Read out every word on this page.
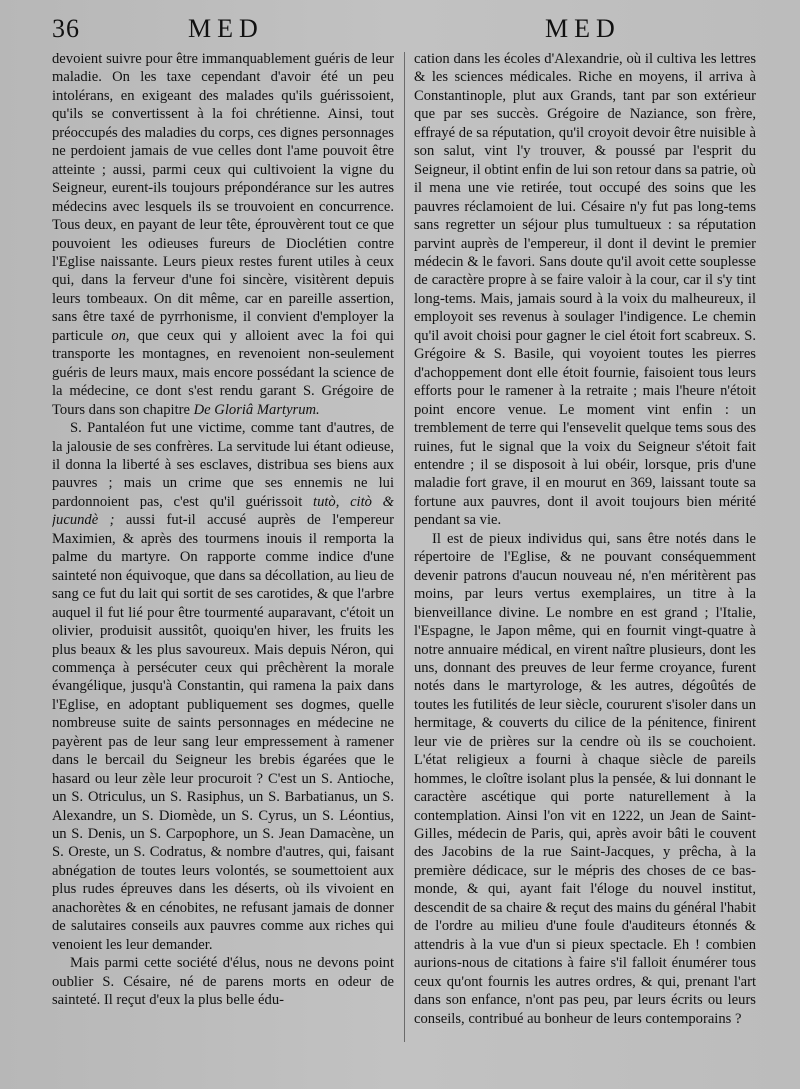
36	MED	MED

devoient suivre pour être immanquablement guéris de leur maladie. On les taxe cependant d'avoir été un peu intolérans, en exigeant des malades qu'ils guérissoient, qu'ils se convertissent à la foi chrétienne. Ainsi, tout préoccupés des maladies du corps, ces dignes personnages ne perdoient jamais de vue celles dont l'ame pouvoit être atteinte ; aussi, parmi ceux qui cultivoient la vigne du Seigneur, eurent-ils toujours prépondérance sur les autres médecins avec lesquels ils se trouvoient en concurrence. Tous deux, en payant de leur tête, éprouvèrent tout ce que pouvoient les odieuses fureurs de Dioclétien contre l'Eglise naissante. Leurs pieux restes furent utiles à ceux qui, dans la ferveur d'une foi sincère, visitèrent depuis leurs tombeaux. On dit même, car en pareille assertion, sans être taxé de pyrrhonisme, il convient d'employer la particule on, que ceux qui y alloient avec la foi qui transporte les montagnes, en revenoient non-seulement guéris de leurs maux, mais encore possédant la science de la médecine, ce dont s'est rendu garant S. Grégoire de Tours dans son chapitre De Gloriâ Martyrum.

S. Pantaléon fut une victime, comme tant d'autres, de la jalousie de ses confrères. La servitude lui étant odieuse, il donna la liberté à ses esclaves, distribua ses biens aux pauvres ; mais un crime que ses ennemis ne lui pardonnoient pas, c'est qu'il guérissoit tutò, citò & jucundè ; aussi fut-il accusé auprès de l'empereur Maximien, & après des tourmens inouis il remporta la palme du martyre. On rapporte comme indice d'une sainteté non équivoque, que dans sa décollation, au lieu de sang ce fut du lait qui sortit de ses carotides, & que l'arbre auquel il fut lié pour être tourmenté auparavant, c'étoit un olivier, produisit aussitôt, quoiqu'en hiver, les fruits les plus beaux & les plus savoureux. Mais depuis Néron, qui commença à persécuter ceux qui prêchèrent la morale évangélique, jusqu'à Constantin, qui ramena la paix dans l'Eglise, en adoptant publiquement ses dogmes, quelle nombreuse suite de saints personnages en médecine ne payèrent pas de leur sang leur empressement à ramener dans le bercail du Seigneur les brebis égarées que le hasard ou leur zèle leur procuroit ? C'est un S. Antioche, un S. Otriculus, un S. Rasiphus, un S. Barbatianus, un S. Alexandre, un S. Diomède, un S. Cyrus, un S. Léontius, un S. Denis, un S. Carpophore, un S. Jean Damacène, un S. Oreste, un S. Codratus, & nombre d'autres, qui, faisant abnégation de toutes leurs volontés, se soumettoient aux plus rudes épreuves dans les déserts, où ils vivoient en anachorètes & en cénobites, ne refusant jamais de donner de salutaires conseils aux pauvres comme aux riches qui venoient les leur demander.

Mais parmi cette société d'élus, nous ne devons point oublier S. Césaire, né de parens morts en odeur de sainteté. Il reçut d'eux la plus belle édu-

cation dans les écoles d'Alexandrie, où il cultiva les lettres & les sciences médicales. Riche en moyens, il arriva à Constantinople, plut aux Grands, tant par son extérieur que par ses succès. Grégoire de Naziance, son frère, effrayé de sa réputation, qu'il croyoit devoir être nuisible à son salut, vint l'y trouver, & poussé par l'esprit du Seigneur, il obtint enfin de lui son retour dans sa patrie, où il mena une vie retirée, tout occupé des soins que les pauvres réclamoient de lui. Césaire n'y fut pas long-tems sans regretter un séjour plus tumultueux : sa réputation parvint auprès de l'empereur, il dont il devint le premier médecin & le favori. Sans doute qu'il avoit cette souplesse de caractère propre à se faire valoir à la cour, car il s'y tint long-tems. Mais, jamais sourd à la voix du malheureux, il employoit ses revenus à soulager l'indigence. Le chemin qu'il avoit choisi pour gagner le ciel étoit fort scabreux. S. Grégoire & S. Basile, qui voyoient toutes les pierres d'achoppement dont elle étoit fournie, faisoient tous leurs efforts pour le ramener à la retraite ; mais l'heure n'étoit point encore venue. Le moment vint enfin : un tremblement de terre qui l'ensevelit quelque tems sous des ruines, fut le signal que la voix du Seigneur s'étoit fait entendre ; il se disposoit à lui obéir, lorsque, pris d'une maladie fort grave, il en mourut en 369, laissant toute sa fortune aux pauvres, dont il avoit toujours bien mérité pendant sa vie.

Il est de pieux individus qui, sans être notés dans le répertoire de l'Eglise, & ne pouvant conséquemment devenir patrons d'aucun nouveau né, n'en méritèrent pas moins, par leurs vertus exemplaires, un titre à la bienveillance divine. Le nombre en est grand ; l'Italie, l'Espagne, le Japon même, qui en fournit vingt-quatre à notre annuaire médical, en virent naître plusieurs, dont les uns, donnant des preuves de leur ferme croyance, furent notés dans le martyrologe, & les autres, dégoûtés de toutes les futilités de leur siècle, coururent s'isoler dans un hermitage, & couverts du cilice de la pénitence, finirent leur vie de prières sur la cendre où ils se couchoient. L'état religieux a fourni à chaque siècle de pareils hommes, le cloître isolant plus la pensée, & lui donnant le caractère ascétique qui porte naturellement à la contemplation. Ainsi l'on vit en 1222, un Jean de Saint-Gilles, médecin de Paris, qui, après avoir bâti le couvent des Jacobins de la rue Saint-Jacques, y prêcha, à la première dédicace, sur le mépris des choses de ce bas-monde, & qui, ayant fait l'éloge du nouvel institut, descendit de sa chaire & reçut des mains du général l'habit de l'ordre au milieu d'une foule d'auditeurs étonnés & attendris à la vue d'un si pieux spectacle. Eh ! combien aurions-nous de citations à faire s'il falloit énumérer tous ceux qu'ont fournis les autres ordres, & qui, prenant l'art dans son enfance, n'ont pas peu, par leurs écrits ou leurs conseils, contribué au bonheur de leurs contemporains ?
